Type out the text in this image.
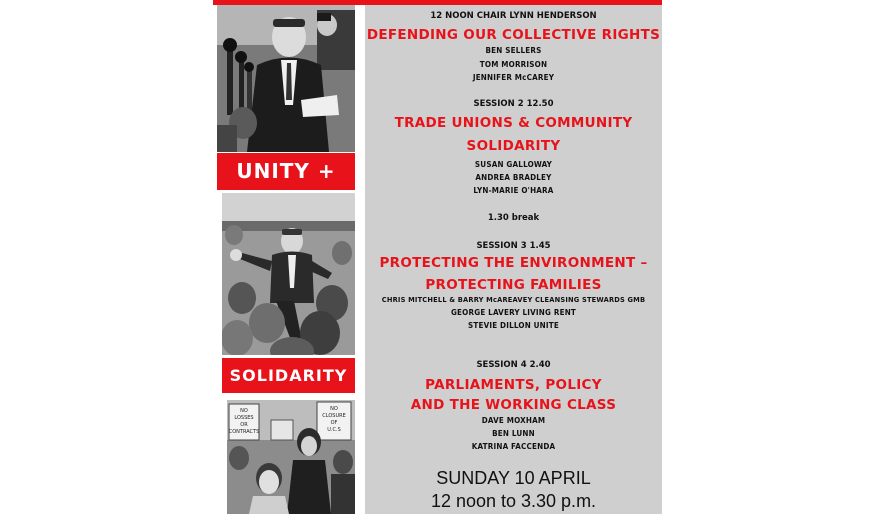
UNITY +
SOLIDARITY
NO
LOSSES
OR
CONTRACTS
NO
CLOSURE
OF
U.C.S
12 NOON CHAIR LYNN HENDERSON
DEFENDING OUR COLLECTIVE RIGHTS
BEN SELLERS
TOM MORRISON
JENNIFER McCAREY
SESSION 2 12.50
TRADE UNIONS & COMMUNITY
SOLIDARITY
SUSAN GALLOWAY
ANDREA BRADLEY
LYN-MARIE O'HARA
1.30 break
SESSION 3 1.45
PROTECTING THE ENVIRONMENT –
PROTECTING FAMILIES
CHRIS MITCHELL & BARRY McAREAVEY CLEANSING STEWARDS GMB
GEORGE LAVERY LIVING RENT
STEVIE DILLON UNITE
SESSION 4 2.40
PARLIAMENTS, POLICY
AND THE WORKING CLASS
DAVE MOXHAM
BEN LUNN
KATRINA FACCENDA
SUNDAY 10 APRIL
12 noon to 3.30 p.m.
